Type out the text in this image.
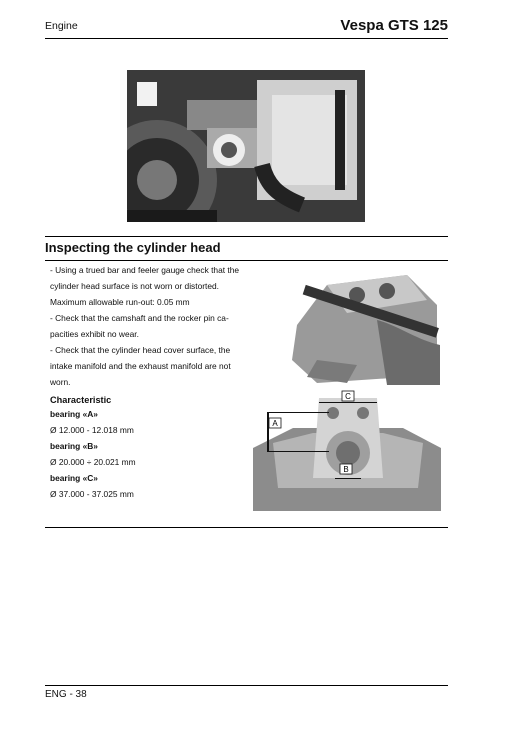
Engine	Vespa GTS 125
Inspecting the cylinder head

- Using a trued bar and feeler gauge check that the

cylinder head surface is not worn or distorted.

Maximum allowable run-out: 0.05 mm

- Check that the camshaft and the rocker pin ca-

pacities exhibit no wear.

- Check that the cylinder head cover surface, the

intake manifold and the exhaust manifold are not

worn.

Characteristic
bearing «A»
Ø 12.000 - 12.018 mm
bearing «B»
Ø 20.000 ÷ 20.021 mm
bearing «C»
Ø 37.000 - 37.025 mm
A
B
C
ENG - 38
